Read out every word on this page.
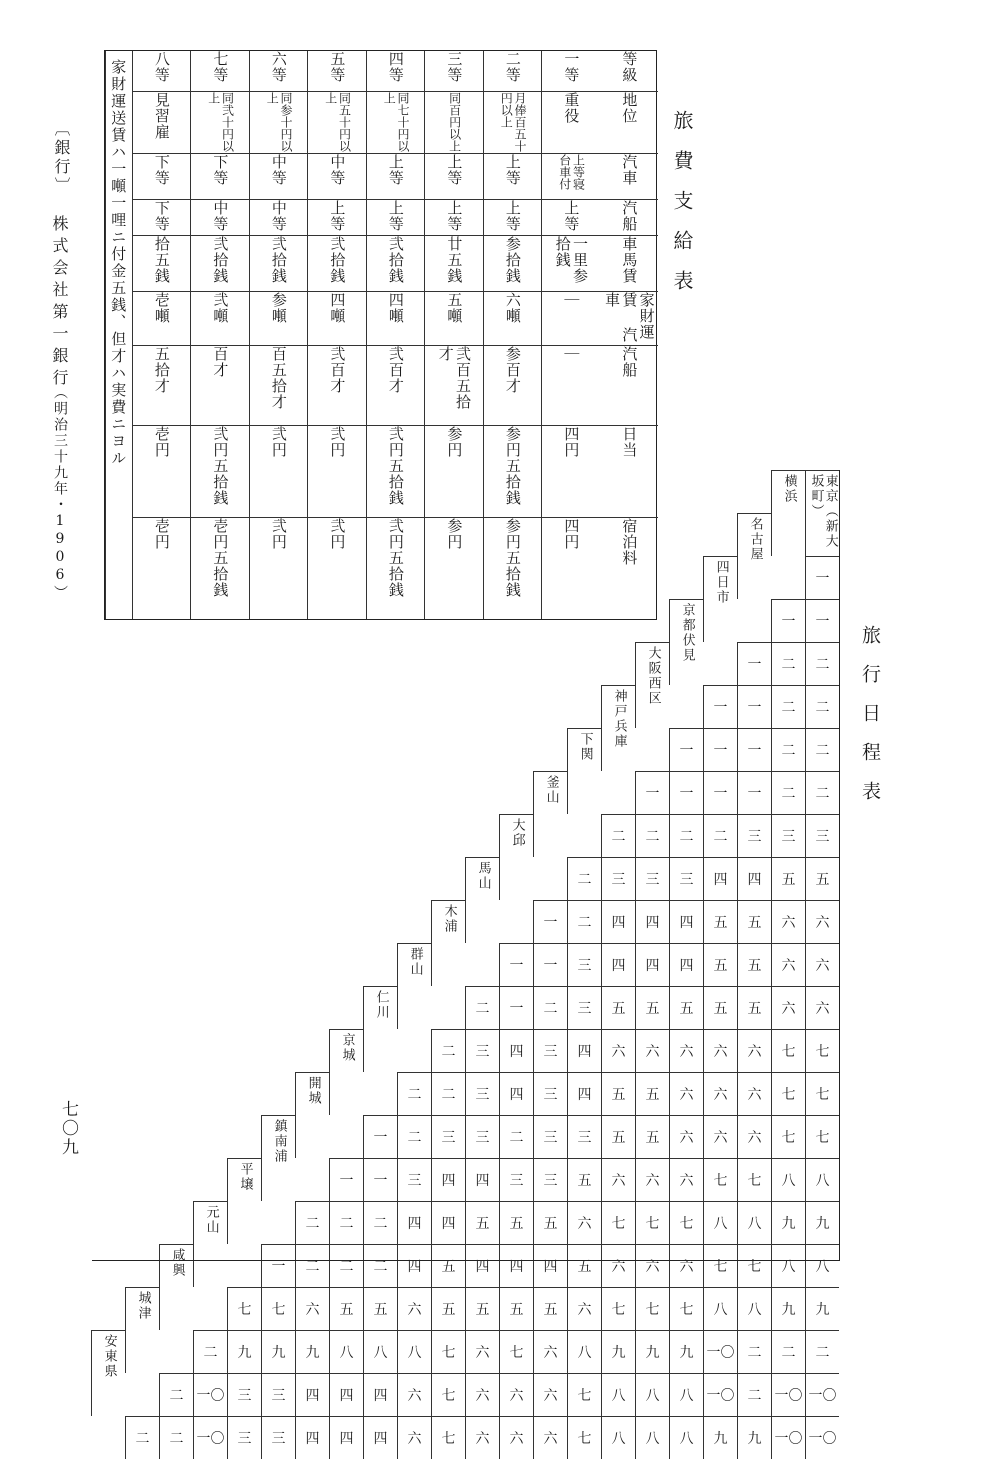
〔銀行〕
株式会社第一銀行
（明治三十九年・1906）
七〇九
旅費支給表
等級
地位
汽車
汽船
車馬賃
家財運賃 汽車
汽船
日当
宿泊料
一等
重役
上等寝台車付
上等
一里参拾銭
｜
｜
四円
四円
二等
月俸百五十円以上
上等
上等
参拾銭
六噸
参百才
参円五拾銭
参円五拾銭
三等
同百円以上
上等
上等
廿五銭
五噸
弐百五拾才
参円
参円
四等
同七十円以上
上等
上等
弐拾銭
四噸
弐百才
弐円五拾銭
弐円五拾銭
五等
同五十円以上
中等
上等
弐拾銭
四噸
弐百才
弐円
弐円
六等
同参十円以上
中等
中等
弐拾銭
参噸
百五拾才
弐円
弐円
七等
同弐十円以上
下等
中等
弐拾銭
弐噸
百才
弐円五拾銭
壱円五拾銭
八等
見習雇
下等
下等
拾五銭
壱噸
五拾才
壱円
壱円
家財運送賃ハ一噸一哩ニ付金五銭、但才ハ実費ニヨル
旅行日程表
東京（新大坂町）
横浜
名古屋
四日市
京都伏見
大阪西区
神戸兵庫
下関
釜山
大邱
馬山
木浦
群山
仁川
京城
開城
鎮南浦
平壌
元山
咸興
城津
安東県
一
一
一
二
二
一
二
二
一
一
二
二
一
一
一
二
二
一
一
一
一
三
三
三
二
二
二
二
五
五
四
四
三
三
三
二
六
六
五
五
四
四
四
二
一
六
六
五
五
四
四
四
三
一
一
六
六
五
五
五
五
五
三
二
一
二
七
七
六
六
六
六
六
四
三
四
三
二
七
七
六
六
六
五
五
四
三
四
三
二
二
七
七
六
六
六
五
五
三
三
二
三
三
二
一
八
八
七
七
六
六
六
五
三
三
四
四
三
一
一
九
九
八
八
七
七
七
六
五
五
五
四
四
二
二
二
八
八
七
七
六
六
六
五
四
四
四
五
四
二
二
二
一
九
九
八
八
七
七
七
六
五
五
五
五
六
五
五
六
七
七
二
二
二
一〇
九
九
九
八
六
七
六
七
八
八
八
九
九
九
二
一〇
一〇
二
一〇
八
八
八
七
六
六
六
七
六
四
四
四
三
三
一〇
二
一〇
一〇
九
九
八
八
八
七
六
六
六
七
六
四
四
四
三
三
一〇
二
二
